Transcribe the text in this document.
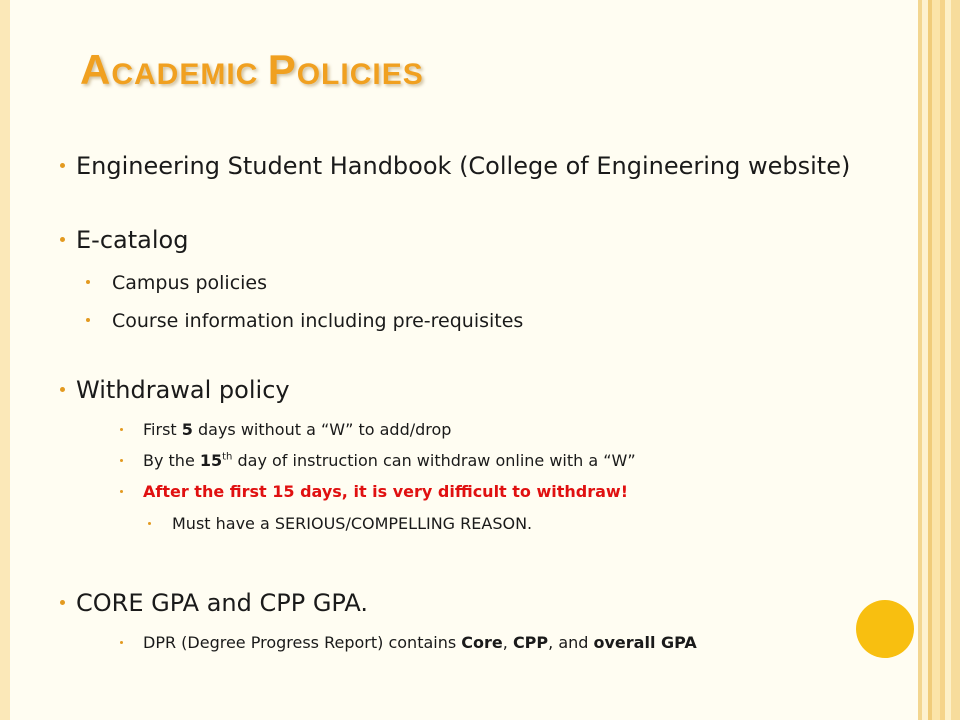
ACADEMIC POLICIES
Engineering Student Handbook (College of Engineering website)
E-catalog
Campus policies
Course information including pre-requisites
Withdrawal policy
First 5 days without a “W” to add/drop
By the 15th day of instruction can withdraw online with a “W”
After the first 15 days, it is very difficult to withdraw!
Must have a SERIOUS/COMPELLING REASON.
CORE GPA and CPP GPA.
DPR (Degree Progress Report) contains Core, CPP, and overall GPA
